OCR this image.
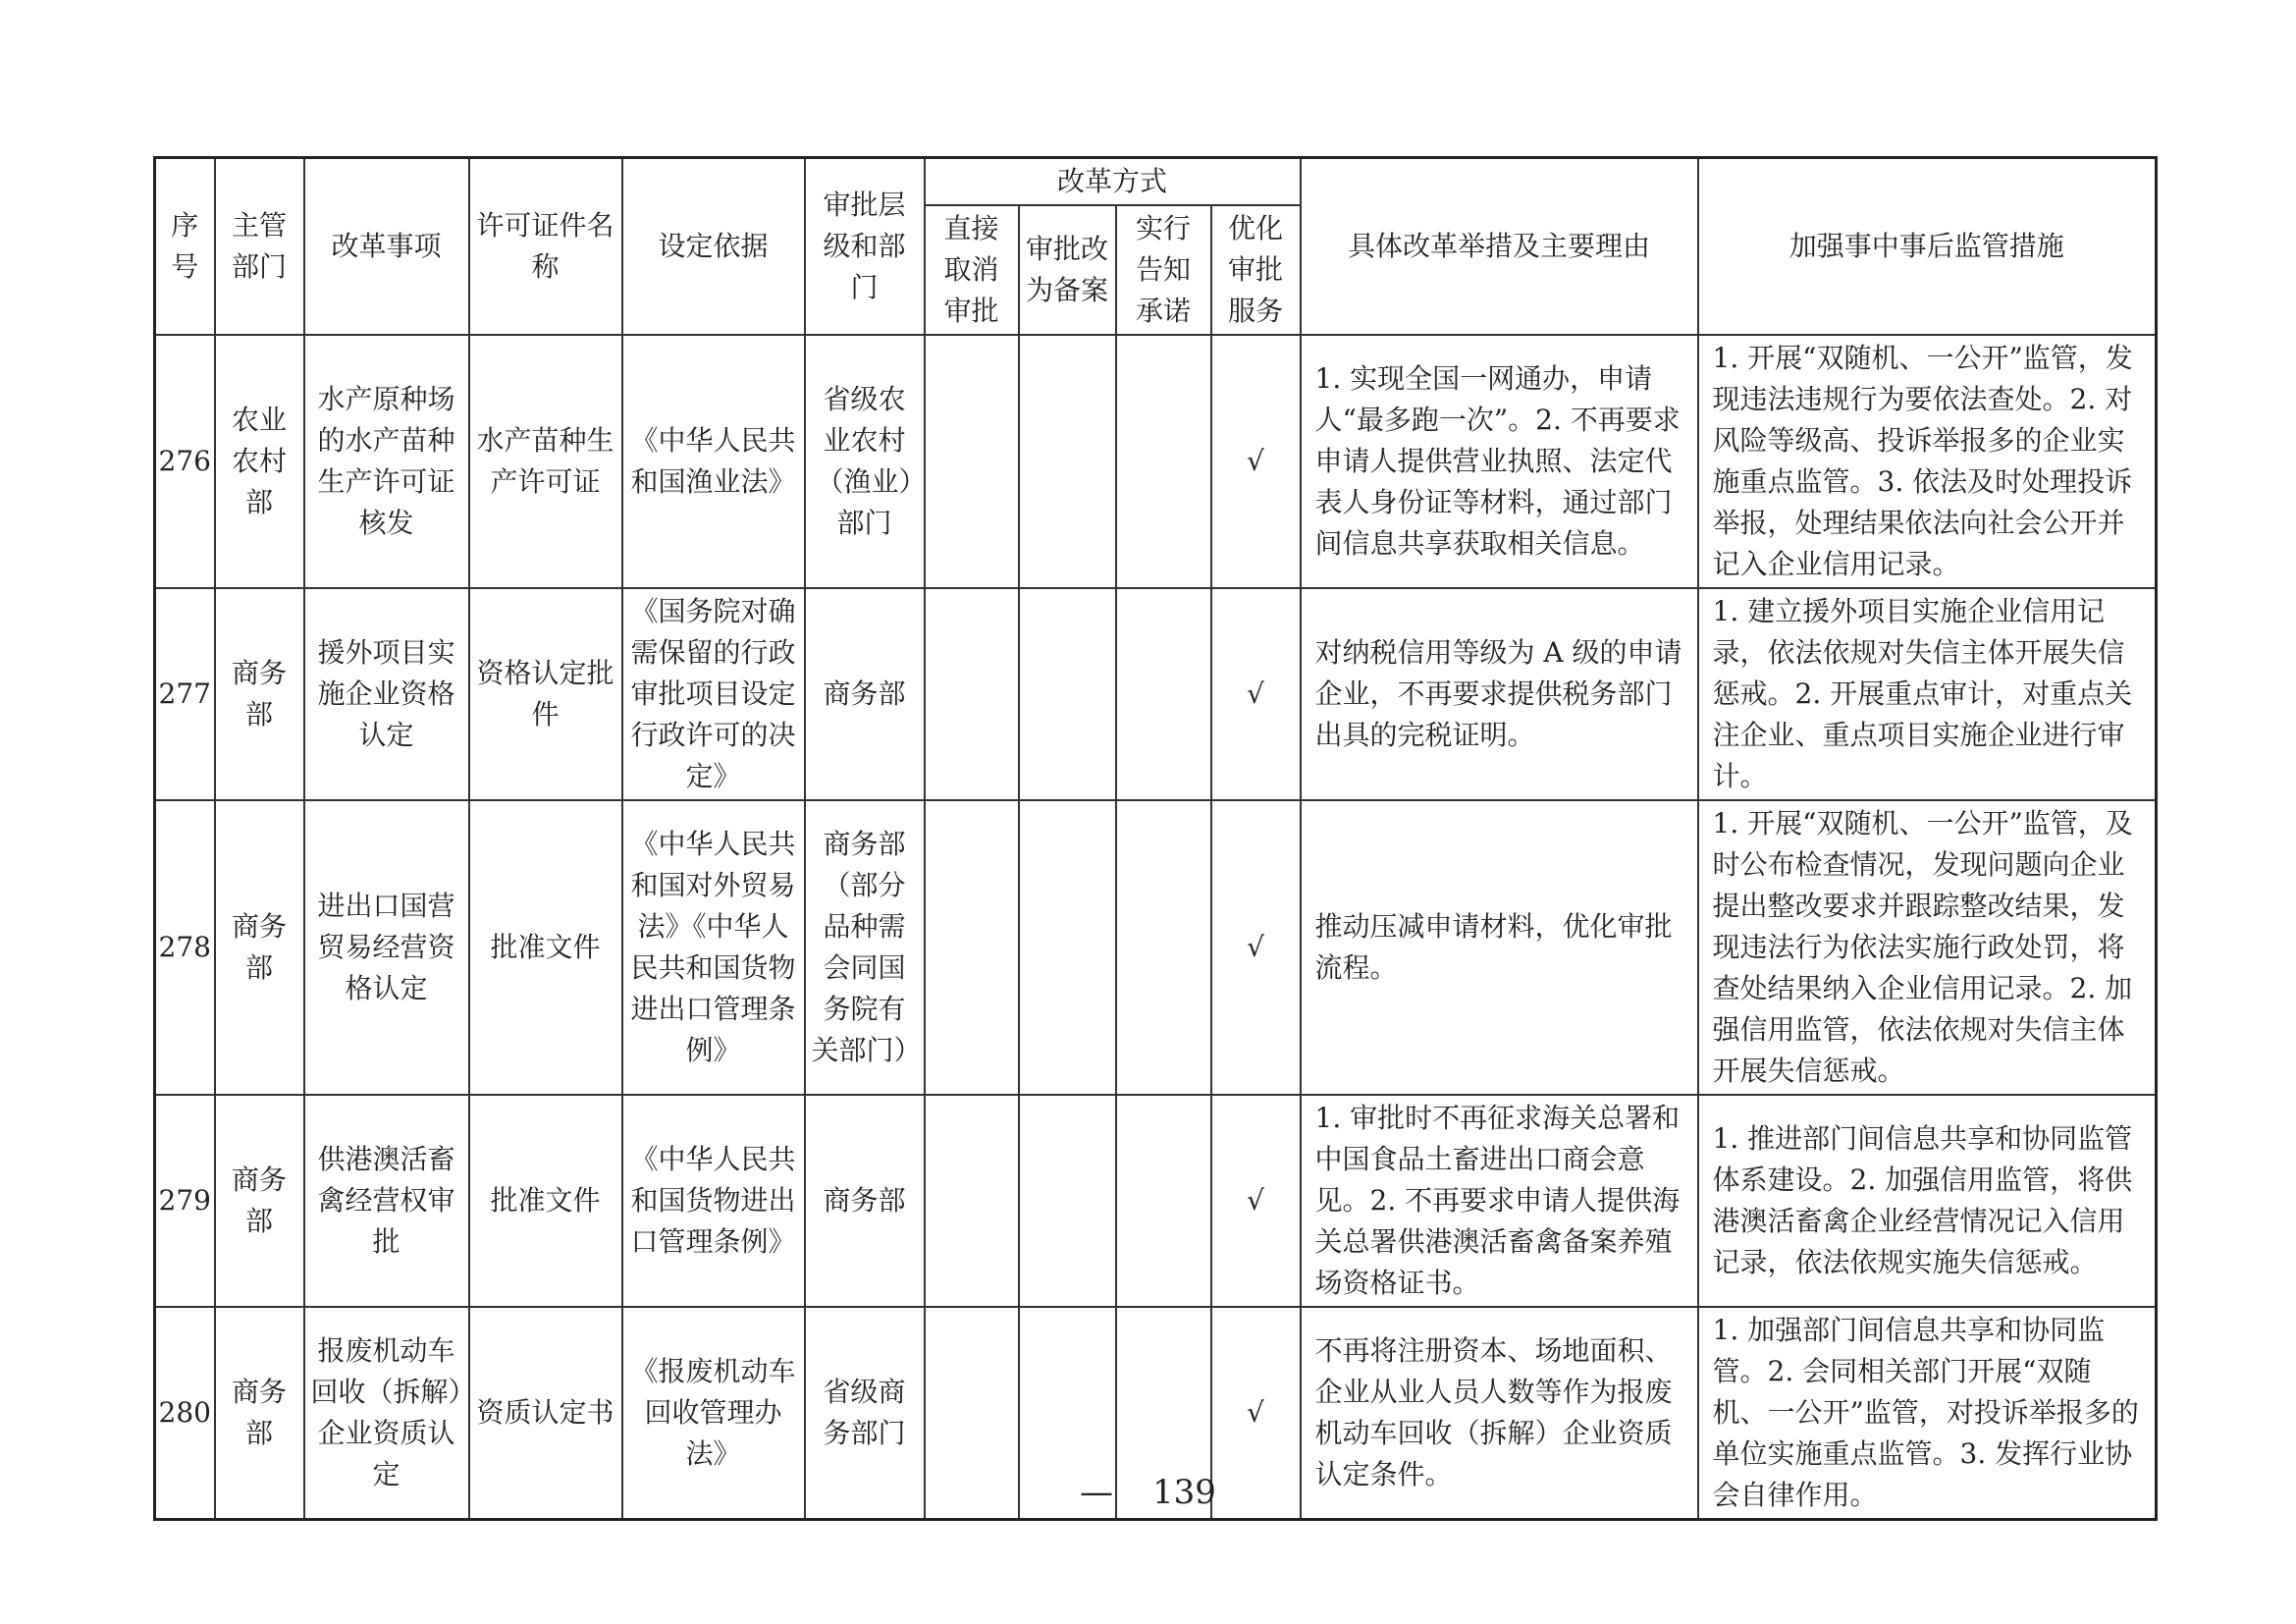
序号	主管部门	改革事项	许可证件名称	设定依据	审批层级和部门	改革方式				具体改革举措及主要理由	加强事中事后监管措施
						直接取消审批	审批改为备案	实行告知承诺	优化审批服务		
276	农业农村部	水产原种场的水产苗种生产许可证核发	水产苗种生产许可证	《中华人民共和国渔业法》	省级农业农村（渔业）部门				√	1. 实现全国一网通办，申请人“最多跑一次”。2. 不再要求申请人提供营业执照、法定代表人身份证等材料，通过部门间信息共享获取相关信息。	1. 开展“双随机、一公开”监管，发现违法违规行为要依法查处。2. 对风险等级高、投诉举报多的企业实施重点监管。3. 依法及时处理投诉举报，处理结果依法向社会公开并记入企业信用记录。
277	商务部	援外项目实施企业资格认定	资格认定批件	《国务院对确需保留的行政审批项目设定行政许可的决定》	商务部				√	对纳税信用等级为 A 级的申请企业，不再要求提供税务部门出具的完税证明。	1. 建立援外项目实施企业信用记录，依法依规对失信主体开展失信惩戒。2. 开展重点审计，对重点关注企业、重点项目实施企业进行审计。
278	商务部	进出口国营贸易经营资格认定	批准文件	《中华人民共和国对外贸易法》《中华人民共和国货物进出口管理条例》	商务部（部分品种需会同国务院有关部门）				√	推动压减申请材料，优化审批流程。	1. 开展“双随机、一公开”监管，及时公布检查情况，发现问题向企业提出整改要求并跟踪整改结果，发现违法行为依法实施行政处罚，将查处结果纳入企业信用记录。2. 加强信用监管，依法依规对失信主体开展失信惩戒。
279	商务部	供港澳活畜禽经营权审批	批准文件	《中华人民共和国货物进出口管理条例》	商务部				√	1. 审批时不再征求海关总署和中国食品土畜进出口商会意见。2. 不再要求申请人提供海关总署供港澳活畜禽备案养殖场资格证书。	1. 推进部门间信息共享和协同监管体系建设。2. 加强信用监管，将供港澳活畜禽企业经营情况记入信用记录，依法依规实施失信惩戒。
280	商务部	报废机动车回收（拆解）企业资质认定	资质认定书	《报废机动车回收管理办法》	省级商务部门				√	不再将注册资本、场地面积、企业从业人员人数等作为报废机动车回收（拆解）企业资质认定条件。	1. 加强部门间信息共享和协同监管。2. 会同相关部门开展“双随机、一公开”监管，对投诉举报多的单位实施重点监管。3. 发挥行业协会自律作用。
— 139
